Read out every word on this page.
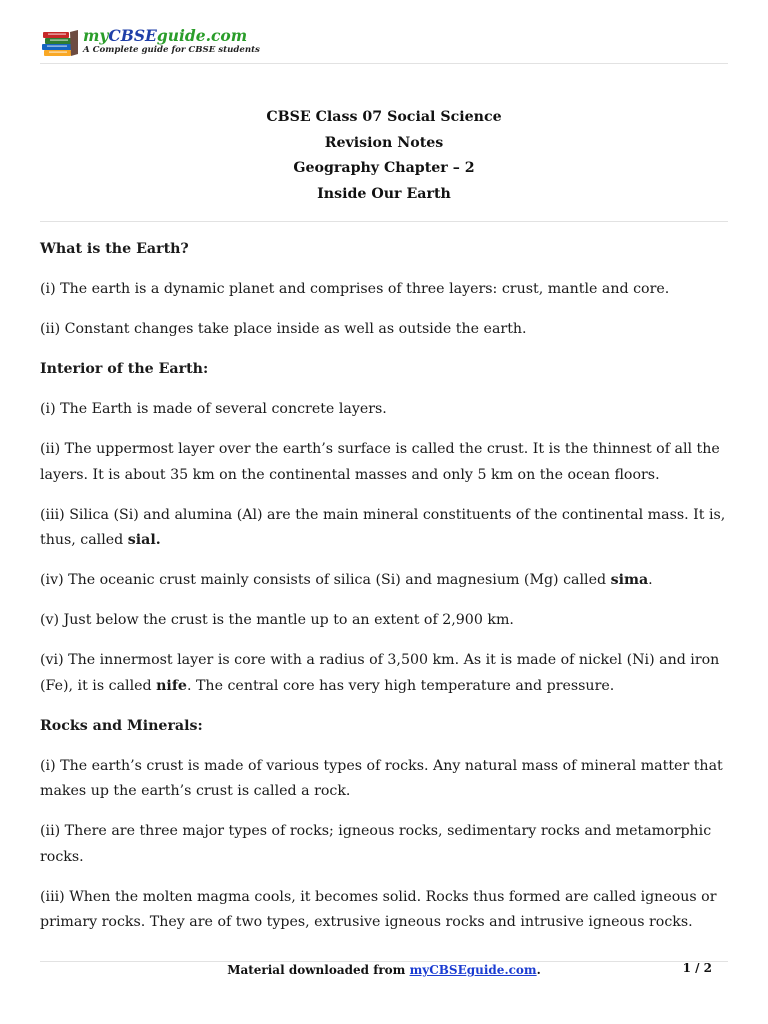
myCBSEguide.com
A Complete guide for CBSE students
CBSE Class 07 Social Science
Revision Notes
Geography Chapter – 2
Inside Our Earth
What is the Earth?

(i) The earth is a dynamic planet and comprises of three layers: crust, mantle and core.

(ii) Constant changes take place inside as well as outside the earth.

Interior of the Earth:

(i) The Earth is made of several concrete layers.

(ii) The uppermost layer over the earth’s surface is called the crust. It is the thinnest of all the layers. It is about 35 km on the continental masses and only 5 km on the ocean floors.

(iii) Silica (Si) and alumina (Al) are the main mineral constituents of the continental mass. It is, thus, called sial.

(iv) The oceanic crust mainly consists of silica (Si) and magnesium (Mg) called sima.

(v) Just below the crust is the mantle up to an extent of 2,900 km.

(vi) The innermost layer is core with a radius of 3,500 km. As it is made of nickel (Ni) and iron (Fe), it is called nife. The central core has very high temperature and pressure.

Rocks and Minerals:

(i) The earth’s crust is made of various types of rocks. Any natural mass of mineral matter that makes up the earth’s crust is called a rock.

(ii) There are three major types of rocks; igneous rocks, sedimentary rocks and metamorphic rocks.

(iii) When the molten magma cools, it becomes solid. Rocks thus formed are called igneous or primary rocks. They are of two types, extrusive igneous rocks and intrusive igneous rocks.

Material downloaded from myCBSEguide.com.	1 / 2
